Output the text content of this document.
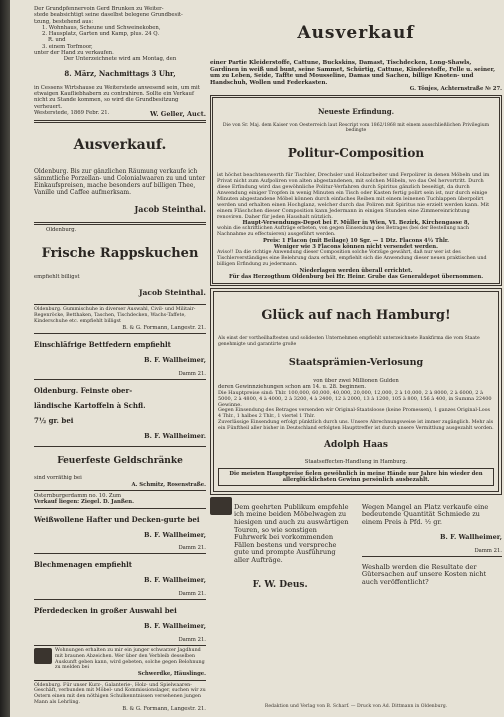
Der Grundpfennervoin Gerd Brunken zu Weiter-

stede beabsichtigt seine daselbst belegene Grundbesit-

tzung, bestehend aus:

1. Wohnhaus, Scheune und Schweinekoben,

2. Hausplatz, Garten und Kamp, plus. 24 Q.

R. und

3. einem Torfmoor,

unter der Hand zu verkaufen.

Der Unterzeichnete wird am Montag, den

8. März, Nachmittags 3 Uhr,

in Cessens Wirtshause zu Weiterstede anwesend sein, um mit etwaigen Kaufliebhabern zu contrahiren. Sollte ein Verkauf nicht zu Stande kommen, so wird die Grundbesitzung verheuert.

Westerstede, 1869 Febr. 21.	W. Geller, Auct.

Ausverkauf.

Oldenburg. Bis zur gänzlichen Räumung verkaufe ich sämmtliche Porzellan- und Colonialwaaren zu und unter Einkaufspreisen, mache besonders auf billigen Thee, Vanille und Caffee aufmerksam.

Jacob Steinthal.

Oldenburg.

Frische Rappskuchen

empfiehlt billigst

Jacob Steinthal.

Oldenburg. Gummischuhe in diverser Auswahl, Civil- und Militair-Regenröcke, Betthaken, Taschen, Tischdecken, Wachs-Taffete, Kinderschuhe etc. empfiehlt billigst

B. & G. Formann, Langestr. 21.

Einschläfrige Bettfedern empfiehlt

B. F. Wallheimer,

Damm 21.

Oldenburg. Feinste ober-

ländische Kartoffeln à Schfl.

7½ gr. bei

B. F. Wallheimer.

Feuerfeste Geldschränke

sind vorräthig bei

A. Schmitz, Rosenstraße.

Osternburgerdamm no. 10. Zum

Verkauf liegen: Ziegel. D. Janßen.

Weißwollene Hafter und Decken-gurte bei

B. F. Wallheimer,

Damm 21.

Blechmenagen empfiehlt

B. F. Wallheimer,

Damm 21.

Pferdedecken in großer Auswahl bei

B. F. Wallheimer,

Damm 21.

Wohnungen erhalten zu mir ein junger schwarzer Jagdhund mit braunen Abzeichen. Wer über den Verbleib desselben Auskunft geben kann, wird gebeten, solche gegen Belohnung zu melden bei

Schwerdke, Häuslinge.

Oldenburg. Für unser Kurz-, Galanterie-, Holz- und Spielwaaren-Geschäft, verbunden mit Möbel- und Kommissionslager, suchen wir zu Ostern einen mit den nöthigen Schulkenntnissen versehenen jungen Mann als Lehrling.

B. & G. Formann, Langestr. 21.

Ausverkauf

einer Partie Kleiderstoffe, Cattune, Buckskins, Damast, Tischdecken, Long-Shawls, Gardinen in weiß und bunt, seine Sammet, Schürtig, Cattune, Kinderstoffe, Felle u. seiner, um zu Leben, Seide, Taffte und Mousseline, Damas und Sachen, billige Knoten- und Handschuh, Wollen und Federkasten.

G. Tönjes, Achternstraße № 27.

Neueste Erfindung.

Die von Sr. Maj. dem Kaiser von Oesterreich laut Rescript vom 1862/1868 mit einem ausschließlichen Privilegium bedingte

Politur-Composition

ist höchst beachtenswerth für Tischler, Drechsler und Holzarbeiter und Ferpolirer in denen Möbeln und im Privat nicht zum Aufpoliren von alten abgestandenen, mit solchen Möbeln, wo das Oel hervortritt. Durch diese Erfindung wird das gewöhnliche Politur-Verfahren durch Spiritus gänzlich beseitigt, da durch Anwendung einiger Tropfen in wenig Minuten ein Tisch oder Kasten fertig polirt sein ist, nur durch einige Minuten abgestandene Möbel können durch einfaches Reiben mit einem leinenen Tuchlappen überpolirt werden und erhalten einen Hochglanz, welcher durch das Poliren mit Spiritus nie erzielt werden kann. Mit einem Fläschchen dieser Composition kann Jedermann in einigen Stunden eine Zimmereinrichtung renoviren. Daher für jeden Haushalt nützlich.

Haupt-Versendungs-Depot bei F. Müller in Wien, VI. Bezirk, Kirchengasse 8,

wohin die schriftlichen Aufträge erbeten, von gegen Einsendung des Betrages (bei der Bestellung nach Nachnahme zu effectuieren) ausgeführt werden.

Preis: 1 Flacon (mit Beilage) 10 Sgr. — 1 Dtz. Flacons 4½ Thlr.

Weniger wie 3 Flacons können nicht versendet werden.

Aviso!! Da die richtige Anwendung dieser Composition solche Vorzüge gewährt, daß nur wer ist des Tischlerverständiges eine Belehrung dazu erhält, empfiehlt sich die Anwendung dieser neuen praktischen und billigen Erfindung zu jedermann.

Niederlagen werden überall errichtet.

Für das Herzogthum Oldenburg bei Hr. Heinr. Grube das Generaldepot übernommen.

Glück auf nach Hamburg!

Als einst der vortheilhaftesten und solidesten Unternehmen empfiehlt unterzeichnete Bankfirma die vom Staate genehmigte und garantirte große

Staatsprämien-Verlosung

von über zwei Millionen Gulden

deren Gewinnziehungen schon am 14. u. 28. beginnen.

Die Hauptpreise sind: Thlr. 100,000, 60,000, 40,000, 20,000, 12,000, 2 à 10,000, 2 à 8000, 2 à 6000, 2 à 5000, 2 à 4800, 4 à 4000, 2 à 3200, 4 à 2400, 12 à 2000, 13 à 1200, 105 à 800, 156 à 400, in Summa 22400 Gewinne.

Gegen Einsendung des Betrages versenden wir Original-Staatsloose (keine Promessen), 1 ganzes Original-Loos 4 Thlr., 1 halbes 2 Thlr., 1 viertel 1 Thlr.

Zuverlässige Einsendung erfolgt pünktlich durch uns. Unsere Abrechnungsweise ist immer zugänglich. Mehr als ein Fünftheil aller bisher in Deutschland erfolgten Haupttreffer ist durch unsere Vermittlung ausgezahlt worden.

Adolph Haas

Staatseffecten-Handlung in Hamburg.

Die meisten Hauptpreise fielen gewöhnlich in meine Hände nur Jahre hin wieder den allerglücklichsten Gewinn persönlich ausbezahlt.

Dem geehrten Publikum empfehle ich meine beiden Möbelwagen zu hiesigen und auch zu auswärtigen Touren, so wie sonstigen Fuhrwerk bei vorkommenden Fällen bestens und verspreche gute und prompte Ausführung aller Aufträge.

F. W. Deus.

Wegen Mangel an Platz verkaufe eine bedeutende Quantität Schmiede zu einem Preis à Pfd. ½ gr.

B. F. Wallheimer,

Damm 21.

Weshalb werden die Resultate der Gütersachen auf unsere Kosten nicht auch veröffentlicht?

Redaktion und Verlag von B. Scharf. — Druck von Ad. Dittmann in Oldenburg.
